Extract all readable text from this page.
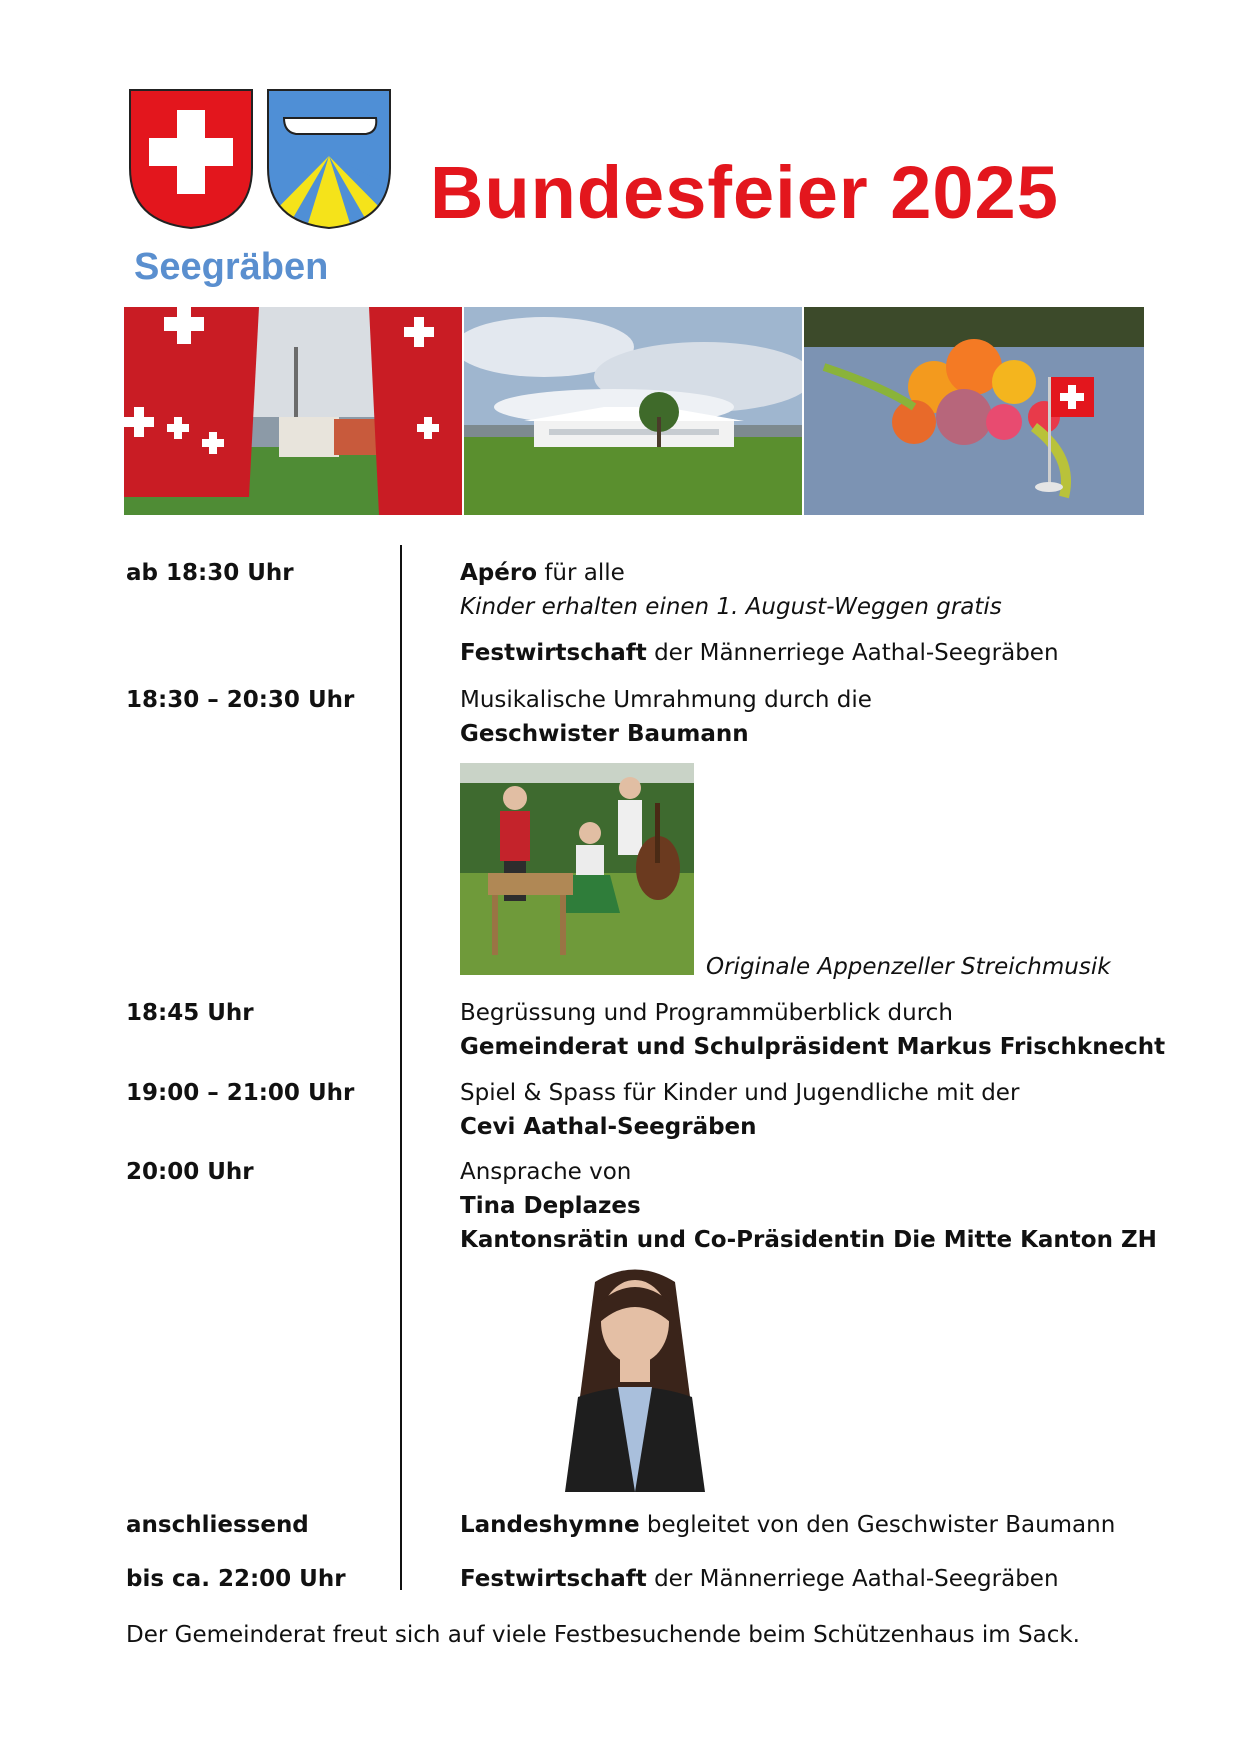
Bundesfeier 2025
Seegräben
ab 18:30 Uhr	Apéro für alle
Kinder erhalten einen 1. August-Weggen gratis
Festwirtschaft der Männerriege Aathal-Seegräben
18:30 – 20:30 Uhr	Musikalische Umrahmung durch die
Geschwister Baumann
Originale Appenzeller Streichmusik
18:45 Uhr	Begrüssung und Programmüberblick durch
Gemeinderat und Schulpräsident Markus Frischknecht
19:00 – 21:00 Uhr	Spiel & Spass für Kinder und Jugendliche mit der
Cevi Aathal-Seegräben
20:00 Uhr	Ansprache von
Tina Deplazes
Kantonsrätin und Co-Präsidentin Die Mitte Kanton ZH
anschliessend	Landeshymne begleitet von den Geschwister Baumann
bis ca. 22:00 Uhr	Festwirtschaft der Männerriege Aathal-Seegräben
Der Gemeinderat freut sich auf viele Festbesuchende beim Schützenhaus im Sack.
